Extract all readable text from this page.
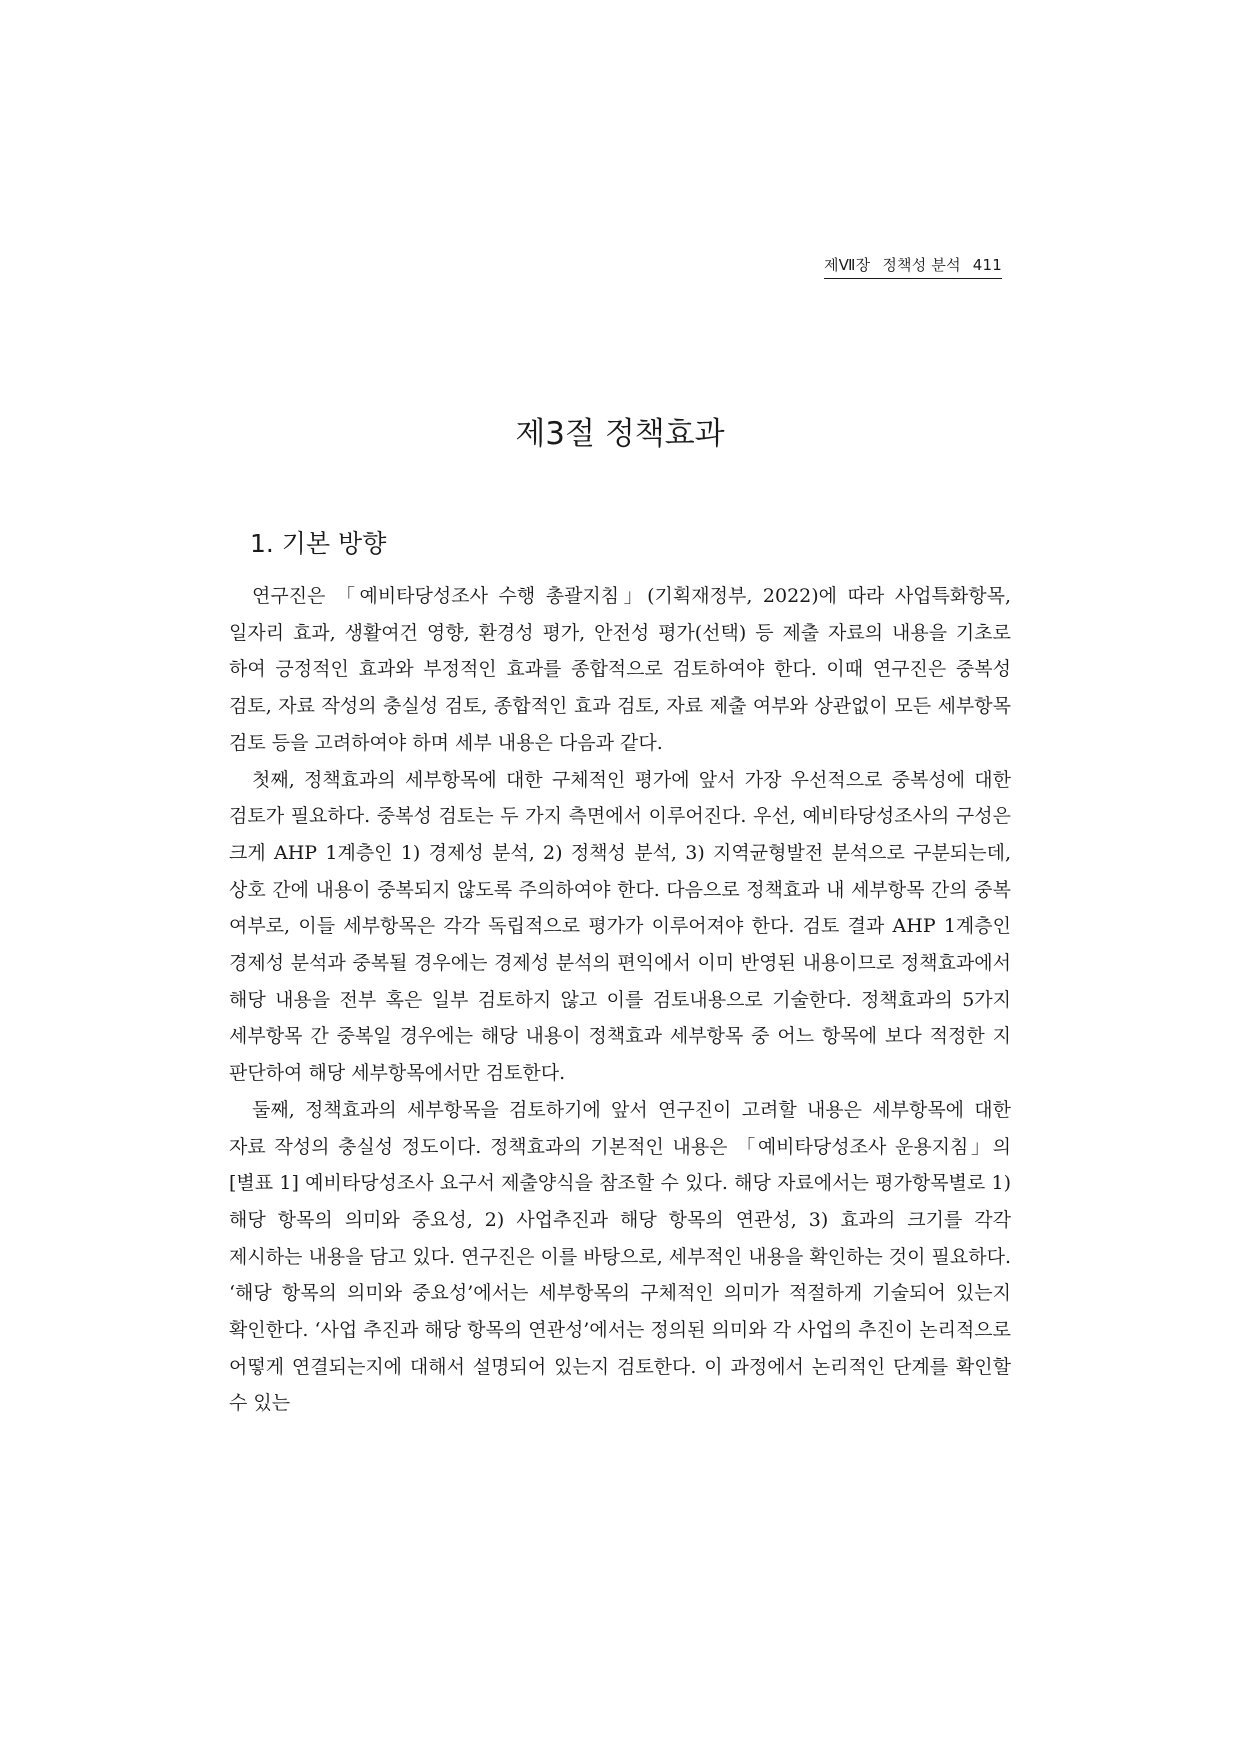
제Ⅶ장 정책성 분석 411
제3절 정책효과
1. 기본 방향

연구진은 「예비타당성조사 수행 총괄지침」(기획재정부, 2022)에 따라 사업특화항목, 일자리 효과, 생활여건 영향, 환경성 평가, 안전성 평가(선택) 등 제출 자료의 내용을 기초로 하여 긍정적인 효과와 부정적인 효과를 종합적으로 검토하여야 한다. 이때 연구진은 중복성 검토, 자료 작성의 충실성 검토, 종합적인 효과 검토, 자료 제출 여부와 상관없이 모든 세부항목 검토 등을 고려하여야 하며 세부 내용은 다음과 같다.

첫째, 정책효과의 세부항목에 대한 구체적인 평가에 앞서 가장 우선적으로 중복성에 대한 검토가 필요하다. 중복성 검토는 두 가지 측면에서 이루어진다. 우선, 예비타당성조사의 구성은 크게 AHP 1계층인 1) 경제성 분석, 2) 정책성 분석, 3) 지역균형발전 분석으로 구분되는데, 상호 간에 내용이 중복되지 않도록 주의하여야 한다. 다음으로 정책효과 내 세부항목 간의 중복 여부로, 이들 세부항목은 각각 독립적으로 평가가 이루어져야 한다. 검토 결과 AHP 1계층인 경제성 분석과 중복될 경우에는 경제성 분석의 편익에서 이미 반영된 내용이므로 정책효과에서 해당 내용을 전부 혹은 일부 검토하지 않고 이를 검토내용으로 기술한다. 정책효과의 5가지 세부항목 간 중복일 경우에는 해당 내용이 정책효과 세부항목 중 어느 항목에 보다 적정한 지 판단하여 해당 세부항목에서만 검토한다.

둘째, 정책효과의 세부항목을 검토하기에 앞서 연구진이 고려할 내용은 세부항목에 대한 자료 작성의 충실성 정도이다. 정책효과의 기본적인 내용은 「예비타당성조사 운용지침」의 [별표 1] 예비타당성조사 요구서 제출양식을 참조할 수 있다. 해당 자료에서는 평가항목별로 1) 해당 항목의 의미와 중요성, 2) 사업추진과 해당 항목의 연관성, 3) 효과의 크기를 각각 제시하는 내용을 담고 있다. 연구진은 이를 바탕으로, 세부적인 내용을 확인하는 것이 필요하다. ‘해당 항목의 의미와 중요성’에서는 세부항목의 구체적인 의미가 적절하게 기술되어 있는지 확인한다. ‘사업 추진과 해당 항목의 연관성’에서는 정의된 의미와 각 사업의 추진이 논리적으로 어떻게 연결되는지에 대해서 설명되어 있는지 검토한다. 이 과정에서 논리적인 단계를 확인할 수 있는
